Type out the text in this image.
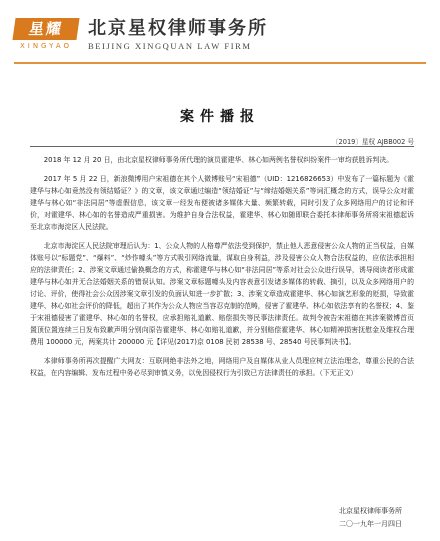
星耀
XINGYAO
北京星权律师事务所
BEIJING XINGQUAN LAW FIRM
案件播报
〔2019〕星权 AJBB002 号

2018 年 12 月 20 日，由北京星权律师事务所代理的演员霍建华、林心如两例名誉权纠纷案件一审均获胜诉判决。

2017 年 5 月 22 日，新浪微博用户宋祖德在其个人微博账号“宋祖德”（UID：1216826653）中发布了一篇标题为《霍建华与林心如竟然没有领结婚证？》的文章，该文章通过编造“领结婚证”与“缔结婚姻关系”等词汇概念的方式，误导公众对霍建华与林心如“非法同居”等虚假信息，该文章一经发布便被诸多媒体大量、频繁转载，同时引发了众多网络用户的讨论和评价，对霍建华、林心如的名誉造成严重损害。为维护自身合法权益，霍建华、林心如随即联合委托本律师事务所将宋祖德起诉至北京市海淀区人民法院。

北京市海淀区人民法院审理后认为：1、公众人物的人格尊严依法受到保护，禁止他人恶意侵害公众人物的正当权益，自媒体账号以“标题党”、“爆料”、“炒作噱头”等方式吸引网络流量，谋取自身利益，涉及侵害公众人物合法权益的，应依法承担相应的法律责任；2、涉案文章通过偷换概念的方式，称霍建华与林心如“非法同居”等系对社会公众进行误导，诱导阅读者形成霍建华与林心如并无合法婚姻关系的错误认知。涉案文章标题噱头及内容表意引发诸多媒体的转载、摘引，以及众多网络用户的讨论、评价，使得社会公众因涉案文章引发的负面认知进一步扩散；3、涉案文章造成霍建华、林心如演艺形象的贬损，导致霍建华、林心如社会评价的降低，超出了其作为公众人物应当容忍克制的范畴，侵害了霍建华、林心如依法享有的名誉权；4、鉴于宋祖德侵害了霍建华、林心如的名誉权，应承担赔礼道歉、赔偿损失等民事法律责任。故判令被告宋祖德在其涉案微博首页置顶位置连续三日发布致歉声明分别向原告霍建华、林心如赔礼道歉，并分别赔偿霍建华、林心如精神损害抚慰金及维权合理费用 100000 元，两案共计 200000 元【详见(2017)京 0108 民初 28538 号、28540 号民事判决书】。

本律师事务所再次提醒广大网友：互联网绝非法外之地，网络用户及自媒体从业人员理应树立法治理念，尊重公民的合法权益，在内容编辑、发布过程中务必尽到审慎义务，以免因侵权行为引致已方法律责任的承担。（下无正文）

北京星权律师事务所
二〇一九年一月四日
